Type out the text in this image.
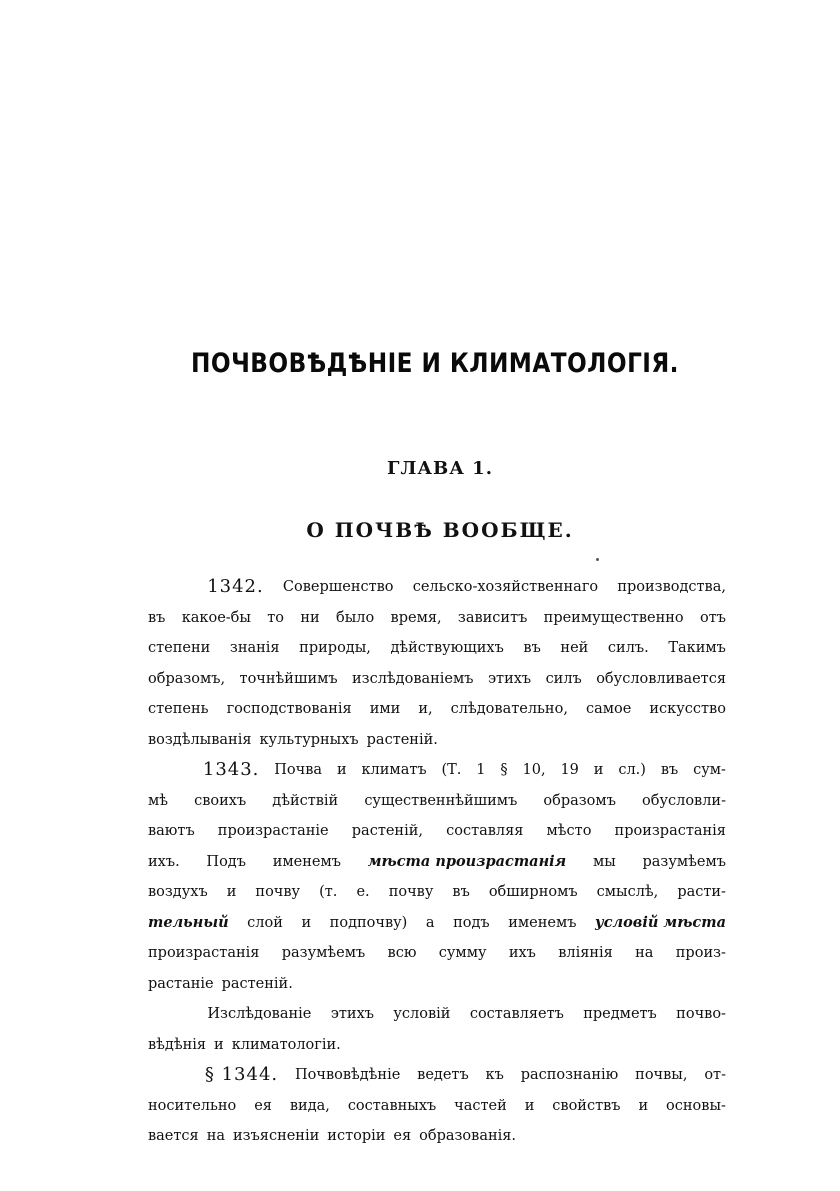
ПОЧВОВѢДѢНІЕ И КЛИМАТОЛОГІЯ.
ГЛАВА 1.
О ПОЧВѢ ВООБЩЕ.
1342. Совершенство сельско-хозяйственнаго производства,
въ какое-бы то ни было время, зависитъ преимущественно отъ
степени знанія природы, дѣйствующихъ въ ней силъ. Такимъ
образомъ, точнѣйшимъ изслѣдованіемъ этихъ силъ обусловливается
степень господствованія ими и, слѣдовательно, самое искусство
воздѣлыванія культурныхъ растеній.
1343. Почва и климатъ (Т. 1 § 10, 19 и сл.) въ сум-
мѣ своихъ дѣйствій существеннѣйшимъ образомъ обусловли-
ваютъ произрастаніе растеній, составляя мѣсто произрастанія
ихъ. Подъ именемъ мѣста произрастанія мы разумѣемъ
воздухъ и почву (т. е. почву въ обширномъ смыслѣ, расти-
тельный слой и подпочву) а подъ именемъ условій мѣста
произрастанія разумѣемъ всю сумму ихъ вліянія на произ-
растаніе растеній.
Изслѣдованіе этихъ условій составляетъ предметъ почво-
вѣдѣнія и климатологіи.
§ 1344. Почвовѣдѣніе ведетъ къ распознанію почвы, от-
носительно ея вида, составныхъ частей и свойствъ и основы-
вается на изъясненіи исторіи ея образованія.
